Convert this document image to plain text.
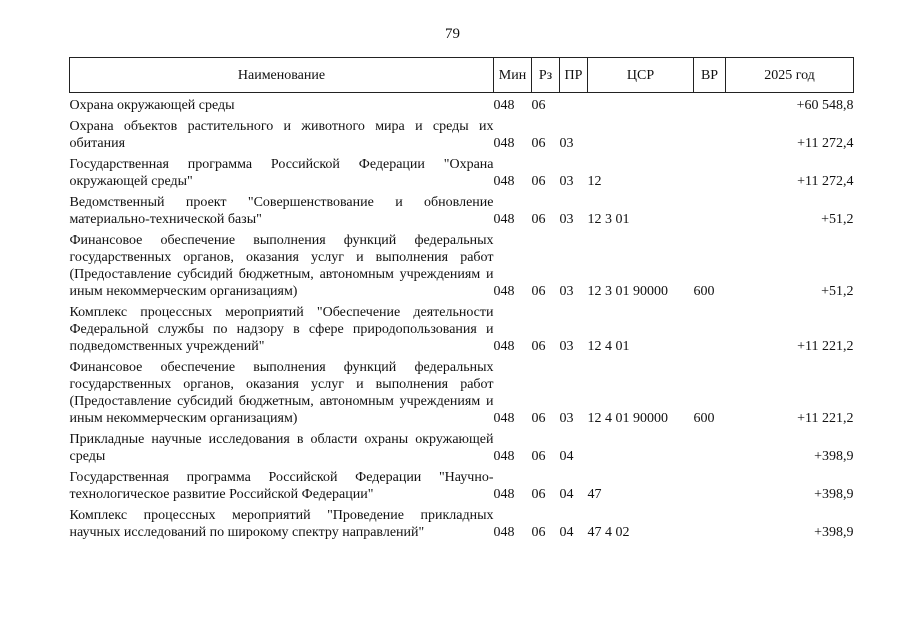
79
Наименование	Мин	Рз	ПР	ЦСР	ВР	2025 год
Охрана окружающей среды	048	06				+60 548,8
Охрана объектов растительного и животного мира и среды их обитания	048	06	03			+11 272,4
Государственная программа Российской Федерации "Охрана окружающей среды"	048	06	03	12		+11 272,4
Ведомственный проект "Совершенствование и обновление материально-технической базы"	048	06	03	12 3 01		+51,2
Финансовое обеспечение выполнения функций федеральных государственных органов, оказания услуг и выполнения работ (Предоставление субсидий бюджетным, автономным учреждениям и иным некоммерческим организациям)	048	06	03	12 3 01 90000	600	+51,2
Комплекс процессных мероприятий "Обеспечение деятельности Федеральной службы по надзору в сфере природопользования и подведомственных учреждений"	048	06	03	12 4 01		+11 221,2
Финансовое обеспечение выполнения функций федеральных государственных органов, оказания услуг и выполнения работ (Предоставление субсидий бюджетным, автономным учреждениям и иным некоммерческим организациям)	048	06	03	12 4 01 90000	600	+11 221,2
Прикладные научные исследования в области охраны окружающей среды	048	06	04			+398,9
Государственная программа Российской Федерации "Научно-технологическое развитие Российской Федерации"	048	06	04	47		+398,9
Комплекс процессных мероприятий "Проведение прикладных научных исследований по широкому спектру направлений"	048	06	04	47 4 02		+398,9
